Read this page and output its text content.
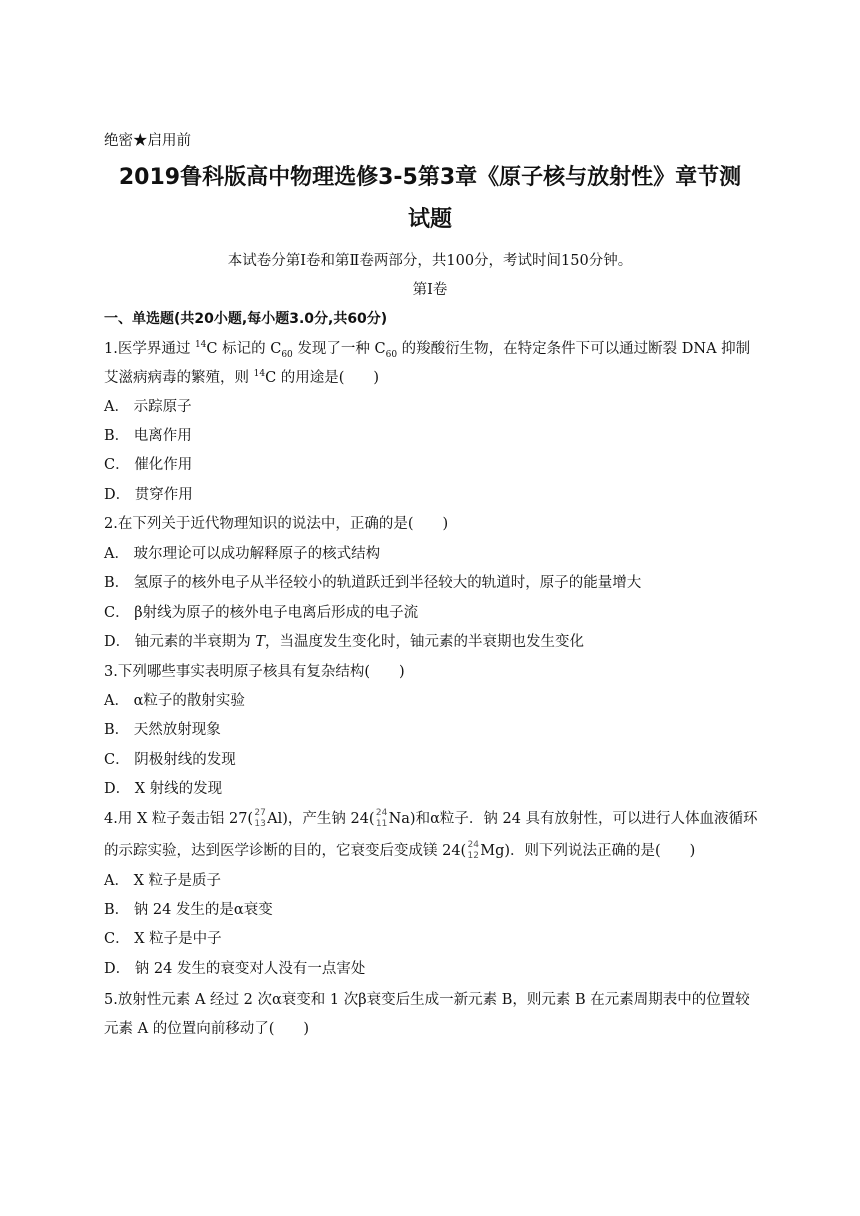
绝密★启用前
2019鲁科版高中物理选修3-5第3章《原子核与放射性》章节测
试题
本试卷分第Ⅰ卷和第Ⅱ卷两部分，共100分，考试时间150分钟。
第Ⅰ卷
一、单选题(共20小题,每小题3.0分,共60分)
1.医学界通过 $^{14}$C 标记的 $C_{60}$ 发现了一种 $C_{60}$ 的羧酸衍生物，在特定条件下可以通过断裂 DNA 抑制
艾滋病病毒的繁殖，则 $^{14}$C 的用途是(　　)
A． 示踪原子
B． 电离作用
C． 催化作用
D． 贯穿作用
2.在下列关于近代物理知识的说法中，正确的是(　　)
A． 玻尔理论可以成功解释原子的核式结构
B． 氢原子的核外电子从半径较小的轨道跃迁到半径较大的轨道时，原子的能量增大
C． β射线为原子的核外电子电离后形成的电子流
D． 铀元素的半衰期为 T，当温度发生变化时，铀元素的半衰期也发生变化
3.下列哪些事实表明原子核具有复杂结构(　　)
A． α粒子的散射实验
B． 天然放射现象
C． 阴极射线的发现
D． X 射线的发现
4.用 X 粒子轰击铝 27( 27
13 Al)，产生钠 24( 24
11 Na)和α粒子．钠 24 具有放射性，可以进行人体血液循环
的示踪实验，达到医学诊断的目的，它衰变后变成镁 24( 24
12 Mg)．则下列说法正确的是(　　)
A． X 粒子是质子
B． 钠 24 发生的是α衰变
C． X 粒子是中子
D． 钠 24 发生的衰变对人没有一点害处
5.放射性元素 A 经过 2 次α衰变和 1 次β衰变后生成一新元素 B，则元素 B 在元素周期表中的位置较
元素 A 的位置向前移动了(　　)
